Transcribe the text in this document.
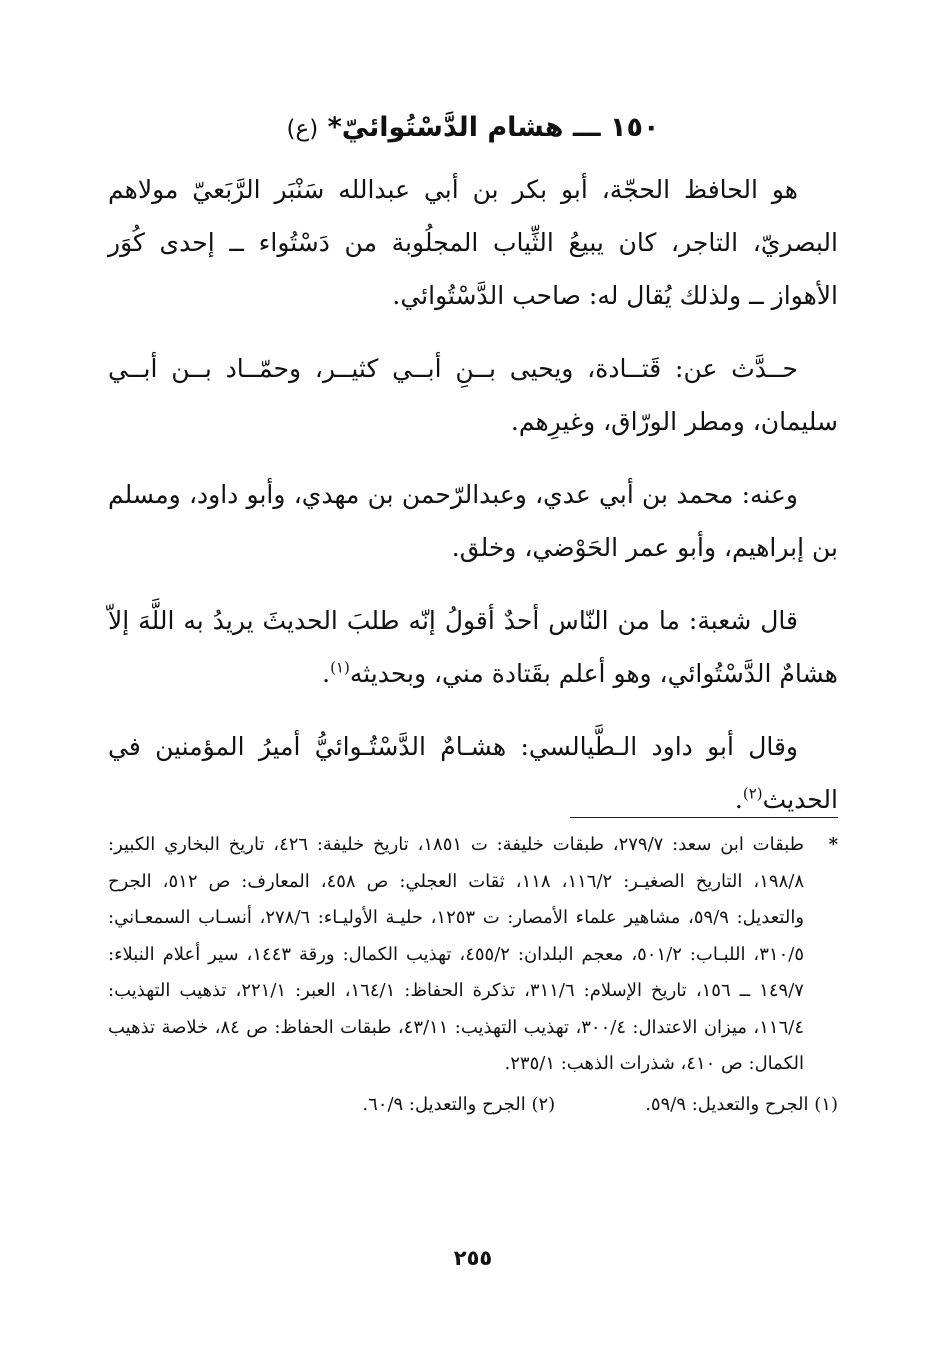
١٥٠ ـــ هشام الدَّسْتُوائيّ* (ع)

هو الحافظ الحجّة، أبو بكر بن أبي عبدالله سَنْبَر الرَّبَعيّ مولاهم البصريّ، التاجر، كان يبيعُ الثِّياب المجلُوبة من دَسْتُواء ــ إحدى كُوَر الأهواز ــ ولذلك يُقال له: صاحب الدَّسْتُوائي.

حــدَّث عن: قَتــادة، ويحيى بــنِ أبــي كثيــر، وحمّــاد بــن أبــي سليمان، ومطر الورّاق، وغيرِهم.

وعنه: محمد بن أبي عدي، وعبدالرّحمن بن مهدي، وأبو داود، ومسلم بن إبراهيم، وأبو عمر الحَوْضي، وخلق.

قال شعبة: ما من النّاس أحدٌ أقولُ إنّه طلبَ الحديثَ يريدُ به اللَّهَ إلاّ هشامٌ الدَّسْتُوائي، وهو أعلم بقَتادة مني، وبحديثه$^{(١)}$.

وقال أبو داود الـطَّيالسي: هشـامٌ الدَّسْتُـوائيُّ أميرُ المؤمنين في الحديث$^{(٢)}$.

*
طبقات ابن سعد: ٢٧٩/٧، طبقات خليفة: ت ١٨٥١، تاريخ خليفة: ٤٢٦، تاريخ البخاري الكبير: ١٩٨/٨، التاريخ الصغيـر: ١١٦/٢، ١١٨، ثقات العجلي: ص ٤٥٨، المعارف: ص ٥١٢، الجرح والتعديل: ٥٩/٩، مشاهير علماء الأمصار: ت ١٢٥٣، حليـة الأوليـاء: ٢٧٨/٦، أنسـاب السمعـاني: ٣١٠/٥، اللبـاب: ٥٠١/٢، معجم البلدان: ٤٥٥/٢، تهذيب الكمال: ورقة ١٤٤٣، سير أعلام النبلاء: ١٤٩/٧ ــ ١٥٦، تاريخ الإسلام: ٣١١/٦، تذكرة الحفاظ: ١٦٤/١، العبر: ٢٢١/١، تذهيب التهذيب: ١١٦/٤، ميزان الاعتدال: ٣٠٠/٤، تهذيب التهذيب: ٤٣/١١، طبقات الحفاظ: ص ٨٤، خلاصة تذهيب الكمال: ص ٤١٠، شذرات الذهب: ٢٣٥/١.
(١) الجرح والتعديل: ٥٩/٩.
(٢) الجرح والتعديل: ٦٠/٩.
٢٥٥
